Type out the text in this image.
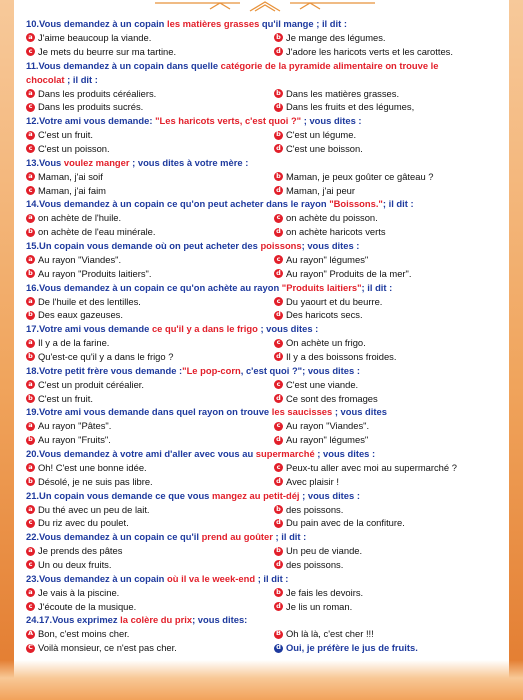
10.Vous demandez à un copain les matières grasses qu'il mange ; il dit :
a J'aime beaucoup la viande.	b Je mange des légumes.
c Je mets du beurre sur ma tartine.	d J'adore les haricots verts et les carottes.
11.Vous demandez à un copain dans quelle catégorie de la pyramide alimentaire on trouve le
chocolat ; il dit :
a Dans les produits céréaliers.	b Dans les matières grasses.
c Dans les produits sucrés.	d Dans les fruits et des légumes,
12.Votre ami vous demande: "Les haricots verts, c'est quoi ?" ; vous dites :
a C'est un fruit.	b C'est un légume.
c C'est un poisson.	d C'est une boisson.
13.Vous voulez manger ; vous dites à votre mère :
a Maman, j'ai soif	b Maman, je peux goûter ce gâteau ?
c Maman, j'ai faim	d Maman, j'ai peur
14.Vous demandez à un copain ce qu'on peut acheter dans le rayon "Boissons."; il dit :
a on achète de l'huile.	c on achète du poisson.
b on achète de l'eau minérale.	d on achète haricots verts
15.Un copain vous demande où on peut acheter des poissons; vous dites :
a Au rayon "Viandes".	c Au rayon" légumes"
b Au rayon "Produits laitiers".	d Au rayon" Produits de la mer".
16.Vous demandez à un copain ce qu'on achète au rayon "Produits laitiers"; il dit :
a De l'huile et des lentilles.	c Du yaourt et du beurre.
b Des eaux gazeuses.	d Des haricots secs.
17.Votre ami vous demande ce qu'il y a dans le frigo ; vous dites :
a Il y a de la farine.	c On achète un frigo.
b Qu'est-ce qu'il y a dans le frigo ?	d Il y a des boissons froides.
18.Votre petit frère vous demande :"Le pop-corn, c'est quoi ?"; vous dites :
a C'est un produit céréalier.	c C'est une viande.
b C'est un fruit.	d Ce sont des fromages
19.Votre ami vous demande dans quel rayon on trouve les saucisses ; vous dites
a Au rayon "Pâtes".	c Au rayon "Viandes".
b Au rayon "Fruits".	d Au rayon" légumes"
20.Vous demandez à votre ami d'aller avec vous au supermarché ; vous dites :
a Oh! C'est une bonne idée.	c Peux-tu aller avec moi au supermarché ?
b Désolé, je ne suis pas libre.	d Avec plaisir !
21.Un copain vous demande ce que vous mangez au petit-déj ; vous dites :
a Du thé avec un peu de lait.	b des poissons.
c Du riz avec du poulet.	d Du pain avec de la confiture.
22.Vous demandez à un copain ce qu'il prend au goûter ; il dit :
a Je prends des pâtes	b Un peu de viande.
c Un ou deux fruits.	d des poissons.
23.Vous demandez à un copain où il va le week-end ; il dit :
a Je vais à la piscine.	b Je fais les devoirs.
c J'écoute de la musique.	d Je lis un roman.
24.17.Vous exprimez la colère du prix; vous dites:
A Bon, c'est moins cher.	B Oh là là, c'est cher !!!
C Voilà monsieur, ce n'est pas cher.	d Oui, je préfère le jus de fruits.
